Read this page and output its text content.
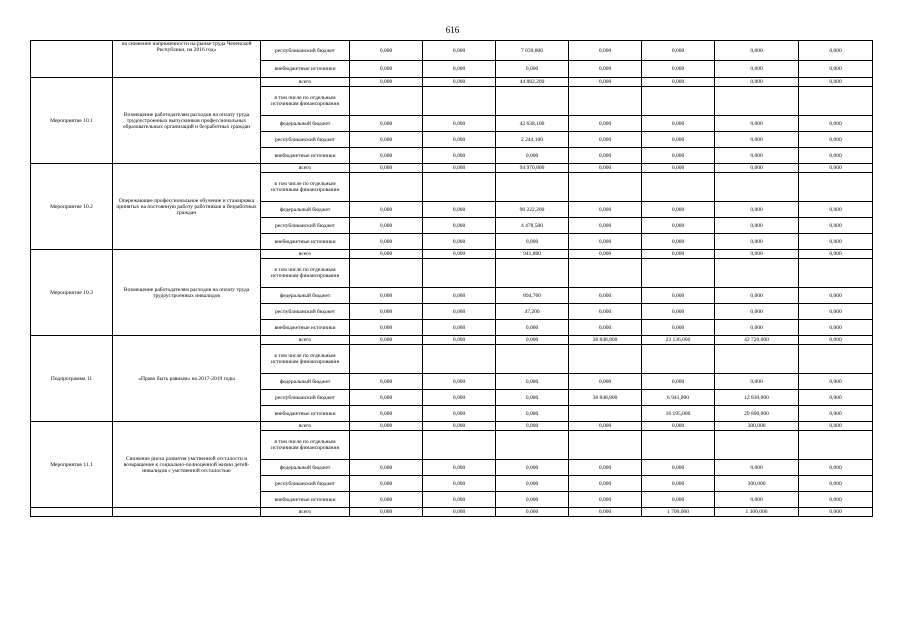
616
	на снижение напряженности на рынке труда Чеченской Республики, на 2016 год»	республиканский бюджет	0,000	0,000	7 039,800	0,000	0,000	0,000	0,000
		внебюджетные источники	0,000	0,000	0,000	0,000	0,000	0,000	0,000
Мероприятие 10.1	Возмещение работодателям расходов на оплату труда трудоустроенных выпускников профессиональных образовательных организаций и безработных граждан	всего	0,000	0,000	44 882,200	0,000	0,000	0,000	0,000
		в том числе по отдельным источникам финансирования							
		федеральный бюджет	0,000	0,000	42 638,100	0,000	0,000	0,000	0,000
		республиканский бюджет	0,000	0,000	2 244,100	0,000	0,000	0,000	0,000
		внебюджетные источники	0,000	0,000	0,000	0,000	0,000	0,000	0,000
Мероприятие 10.2	Опережающее профессиональное обучение и стажировка принятых на постоянную работу работников и безработных граждан	всего	0,000	0,000	94 970,800	0,000	0,000	0,000	0,000
		в том числе по отдельным источникам финансирования							
		федеральный бюджет	0,000	0,000	90 222,200	0,000	0,000	0,000	0,000
		республиканский бюджет	0,000	0,000	4 478,500	0,000	0,000	0,000	0,000
		внебюджетные источники	0,000	0,000	0,000	0,000	0,000	0,000	0,000
Мероприятие 10.3	Возмещение работодателям расходов на оплату труда трудоустроенных инвалидов	всего	0,000	0,000	941,800	0,000	0,000	0,000	0,000
		в том числе по отдельным источникам финансирования							
		федеральный бюджет	0,000	0,000	894,700	0,000	0,000	0,000	0,000
		республиканский бюджет	0,000	0,000	47,200	0,000	0,000	0,000	0,000
		внебюджетные источники	0,000	0,000	0,000	0,000	0,000	0,000	0,000
Подпрограмма 11	«Право быть равным» на 2017-2019 годы	всего	0,000	0,000	0,000	38 848,800	23 136,000	42 720,000	0,000
		в том числе по отдельным источникам финансирования							
		федеральный бюджет	0,000	0,000	0,000	0,000	0,000	0,000	0,000
		республиканский бюджет	0,000	0,000	0,000	38 848,800	6 941,000	12 830,000	0,000
		внебюджетные источники	0,000	0,000	0,000		16 195,000	29 890,000	0,000
Мероприятие 11.1	Снижение риска развития умственной отсталости и возвращение к социально-полноценной жизни детей-инвалидов с умственной отсталостью	всего	0,000	0,000	0,000	0,000	0,000	300,000	0,000
		в том числе по отдельным источникам финансирования							
		федеральный бюджет	0,000	0,000	0,000	0,000	0,000	0,000	0,000
		республиканский бюджет	0,000	0,000	0,000	0,000	0,000	300,000	0,000
		внебюджетные источники	0,000	0,000	0,000	0,000	0,000	0,000	0,000
		всего	0,000	0,000	0,000	0,000	1 700,000	1 300,000	0,000
